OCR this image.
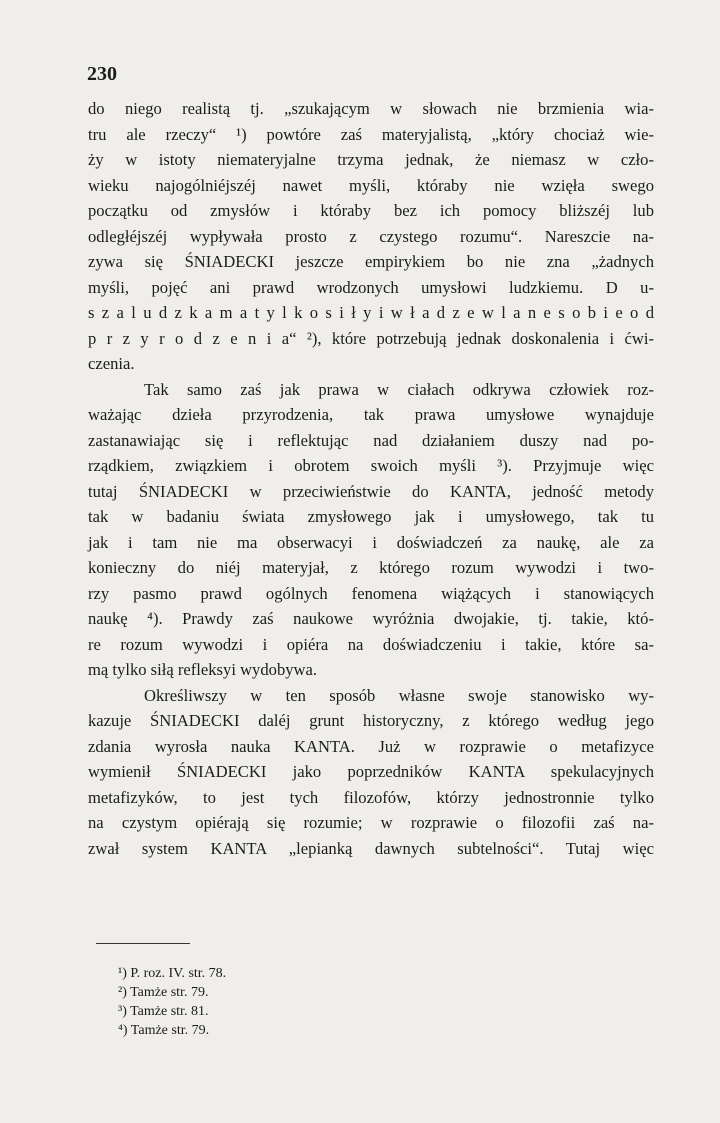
230
do niego realistą tj. „szukającym w słowach nie brzmienia wia-
tru ale rzeczy“ ¹) powtóre zaś materyjalistą, „który chociaż wie-
ży w istoty niemateryjalne trzyma jednak, że niemasz w czło-
wieku najogólniéjszéj nawet myśli, któraby nie wzięła swego
początku od zmysłów i któraby bez ich pomocy bliższéj lub
odległéjszéj wypływała prosto z czystego rozumu“. Nareszcie na-
zywa się ŚNIADECKI jeszcze empirykiem bo nie zna „żadnych
myśli, pojęć ani prawd wrodzonych umysłowi ludzkiemu. D u-
s z a l u d z k a m a t y l k o s i ł y i w ł a d z e w l a n e s o b i e o d
p r z y r o d z e n i a“ ²), które potrzebują jednak doskonalenia i ćwi-
czenia.
Tak samo zaś jak prawa w ciałach odkrywa człowiek roz-
ważając dzieła przyrodzenia, tak prawa umysłowe wynajduje
zastanawiając się i reflektując nad działaniem duszy nad po-
rządkiem, związkiem i obrotem swoich myśli ³). Przyjmuje więc
tutaj ŚNIADECKI w przeciwieństwie do KANTA, jedność metody
tak w badaniu świata zmysłowego jak i umysłowego, tak tu
jak i tam nie ma obserwacyi i doświadczeń za naukę, ale za
konieczny do niéj materyjał, z którego rozum wywodzi i two-
rzy pasmo prawd ogólnych fenomena wiążących i stanowiących
naukę ⁴). Prawdy zaś naukowe wyróżnia dwojakie, tj. takie, któ-
re rozum wywodzi i opiéra na doświadczeniu i takie, które sa-
mą tylko siłą refleksyi wydobywa.
Określiwszy w ten sposób własne swoje stanowisko wy-
kazuje ŚNIADECKI daléj grunt historyczny, z którego według jego
zdania wyrosła nauka KANTA. Już w rozprawie o metafizyce
wymienił ŚNIADECKI jako poprzedników KANTA spekulacyjnych
metafizyków, to jest tych filozofów, którzy jednostronnie tylko
na czystym opiérają się rozumie; w rozprawie o filozofii zaś na-
zwał system KANTA „lepianką dawnych subtelności“. Tutaj więc
¹) P. roz. IV. str. 78.
²) Tamże str. 79.
³) Tamże str. 81.
⁴) Tamże str. 79.
